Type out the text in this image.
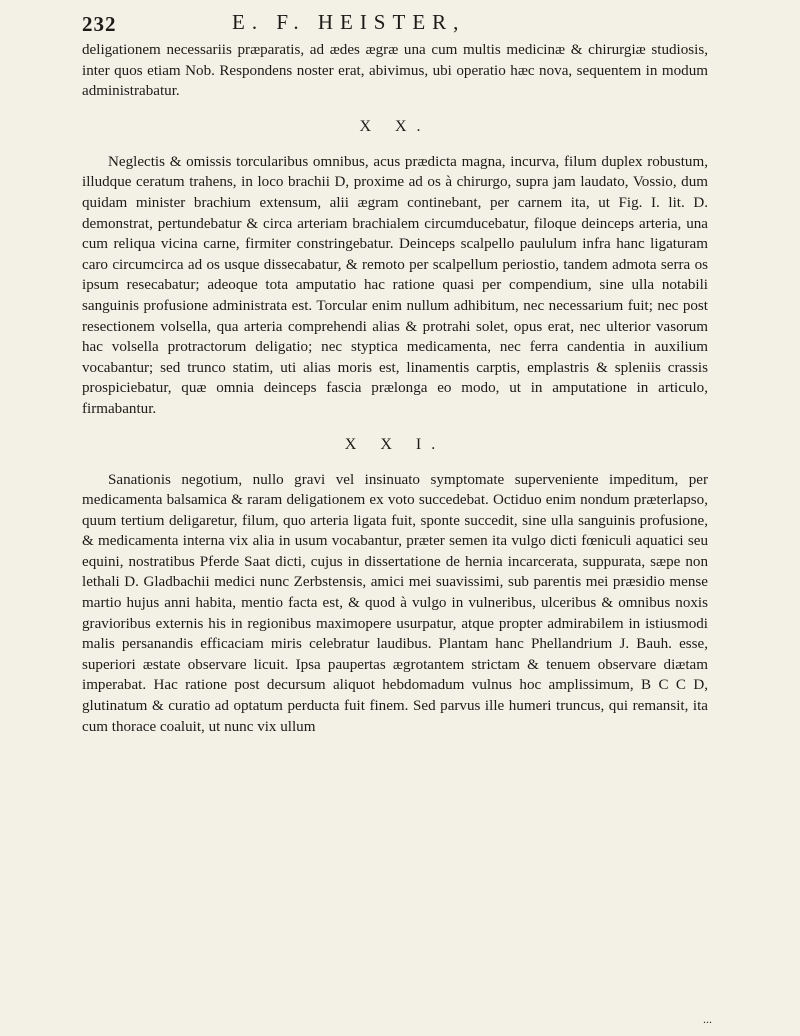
232	E. F. HEISTER,

deligationem necessariis præparatis, ad ædes ægræ una cum multis medicinæ & chirurgiæ studiosis, inter quos etiam Nob. Respondens noster erat, abivimus, ubi operatio hæc nova, sequentem in modum administrabatur.

X X.

Neglectis & omissis torcularibus omnibus, acus prædicta magna, incurva, filum duplex robustum, illudque ceratum trahens, in loco brachii D, proxime ad os à chirurgo, supra jam laudato, Vossio, dum quidam minister brachium extensum, alii ægram continebant, per carnem ita, ut Fig. I. lit. D. demonstrat, pertundebatur & circa arteriam brachialem circumducebatur, filoque deinceps arteria, una cum reliqua vicina carne, firmiter constringebatur. Deinceps scalpello paululum infra hanc ligaturam caro circumcirca ad os usque dissecabatur, & remoto per scalpellum periostio, tandem admota serra os ipsum resecabatur; adeoque tota amputatio hac ratione quasi per compendium, sine ulla notabili sanguinis profusione administrata est. Torcular enim nullum adhibitum, nec necessarium fuit; nec post resectionem volsella, qua arteria comprehendi alias & protrahi solet, opus erat, nec ulterior vasorum hac volsella protractorum deligatio; nec styptica medicamenta, nec ferra candentia in auxilium vocabantur; sed trunco statim, uti alias moris est, linamentis carptis, emplastris & spleniis crassis prospiciebatur, quæ omnia deinceps fascia prælonga eo modo, ut in amputatione in articulo, firmabantur.

X X I.

Sanationis negotium, nullo gravi vel insinuato symptomate superveniente impeditum, per medicamenta balsamica & raram deligationem ex voto succedebat. Octiduo enim nondum præterlapso, quum tertium deligaretur, filum, quo arteria ligata fuit, sponte succedit, sine ulla sanguinis profusione, & medicamenta interna vix alia in usum vocabantur, præter semen ita vulgo dicti fœniculi aquatici seu equini, nostratibus Pferde Saat dicti, cujus in dissertatione de hernia incarcerata, suppurata, sæpe non lethali D. Gladbachii medici nunc Zerbstensis, amici mei suavissimi, sub parentis mei præsidio mense martio hujus anni habita, mentio facta est, & quod à vulgo in vulneribus, ulceribus & omnibus noxis gravioribus externis his in regionibus maximopere usurpatur, atque propter admirabilem in istiusmodi malis persanandis efficaciam miris celebratur laudibus. Plantam hanc Phellandrium J. Bauh. esse, superiori æstate observare licuit. Ipsa paupertas ægrotantem strictam & tenuem observare diætam imperabat. Hac ratione post decursum aliquot hebdomadum vulnus hoc amplissimum, B C C D, glutinatum & curatio ad optatum perducta fuit finem. Sed parvus ille humeri truncus, qui remansit, ita cum thorace coaluit, ut nunc vix ullum

...
